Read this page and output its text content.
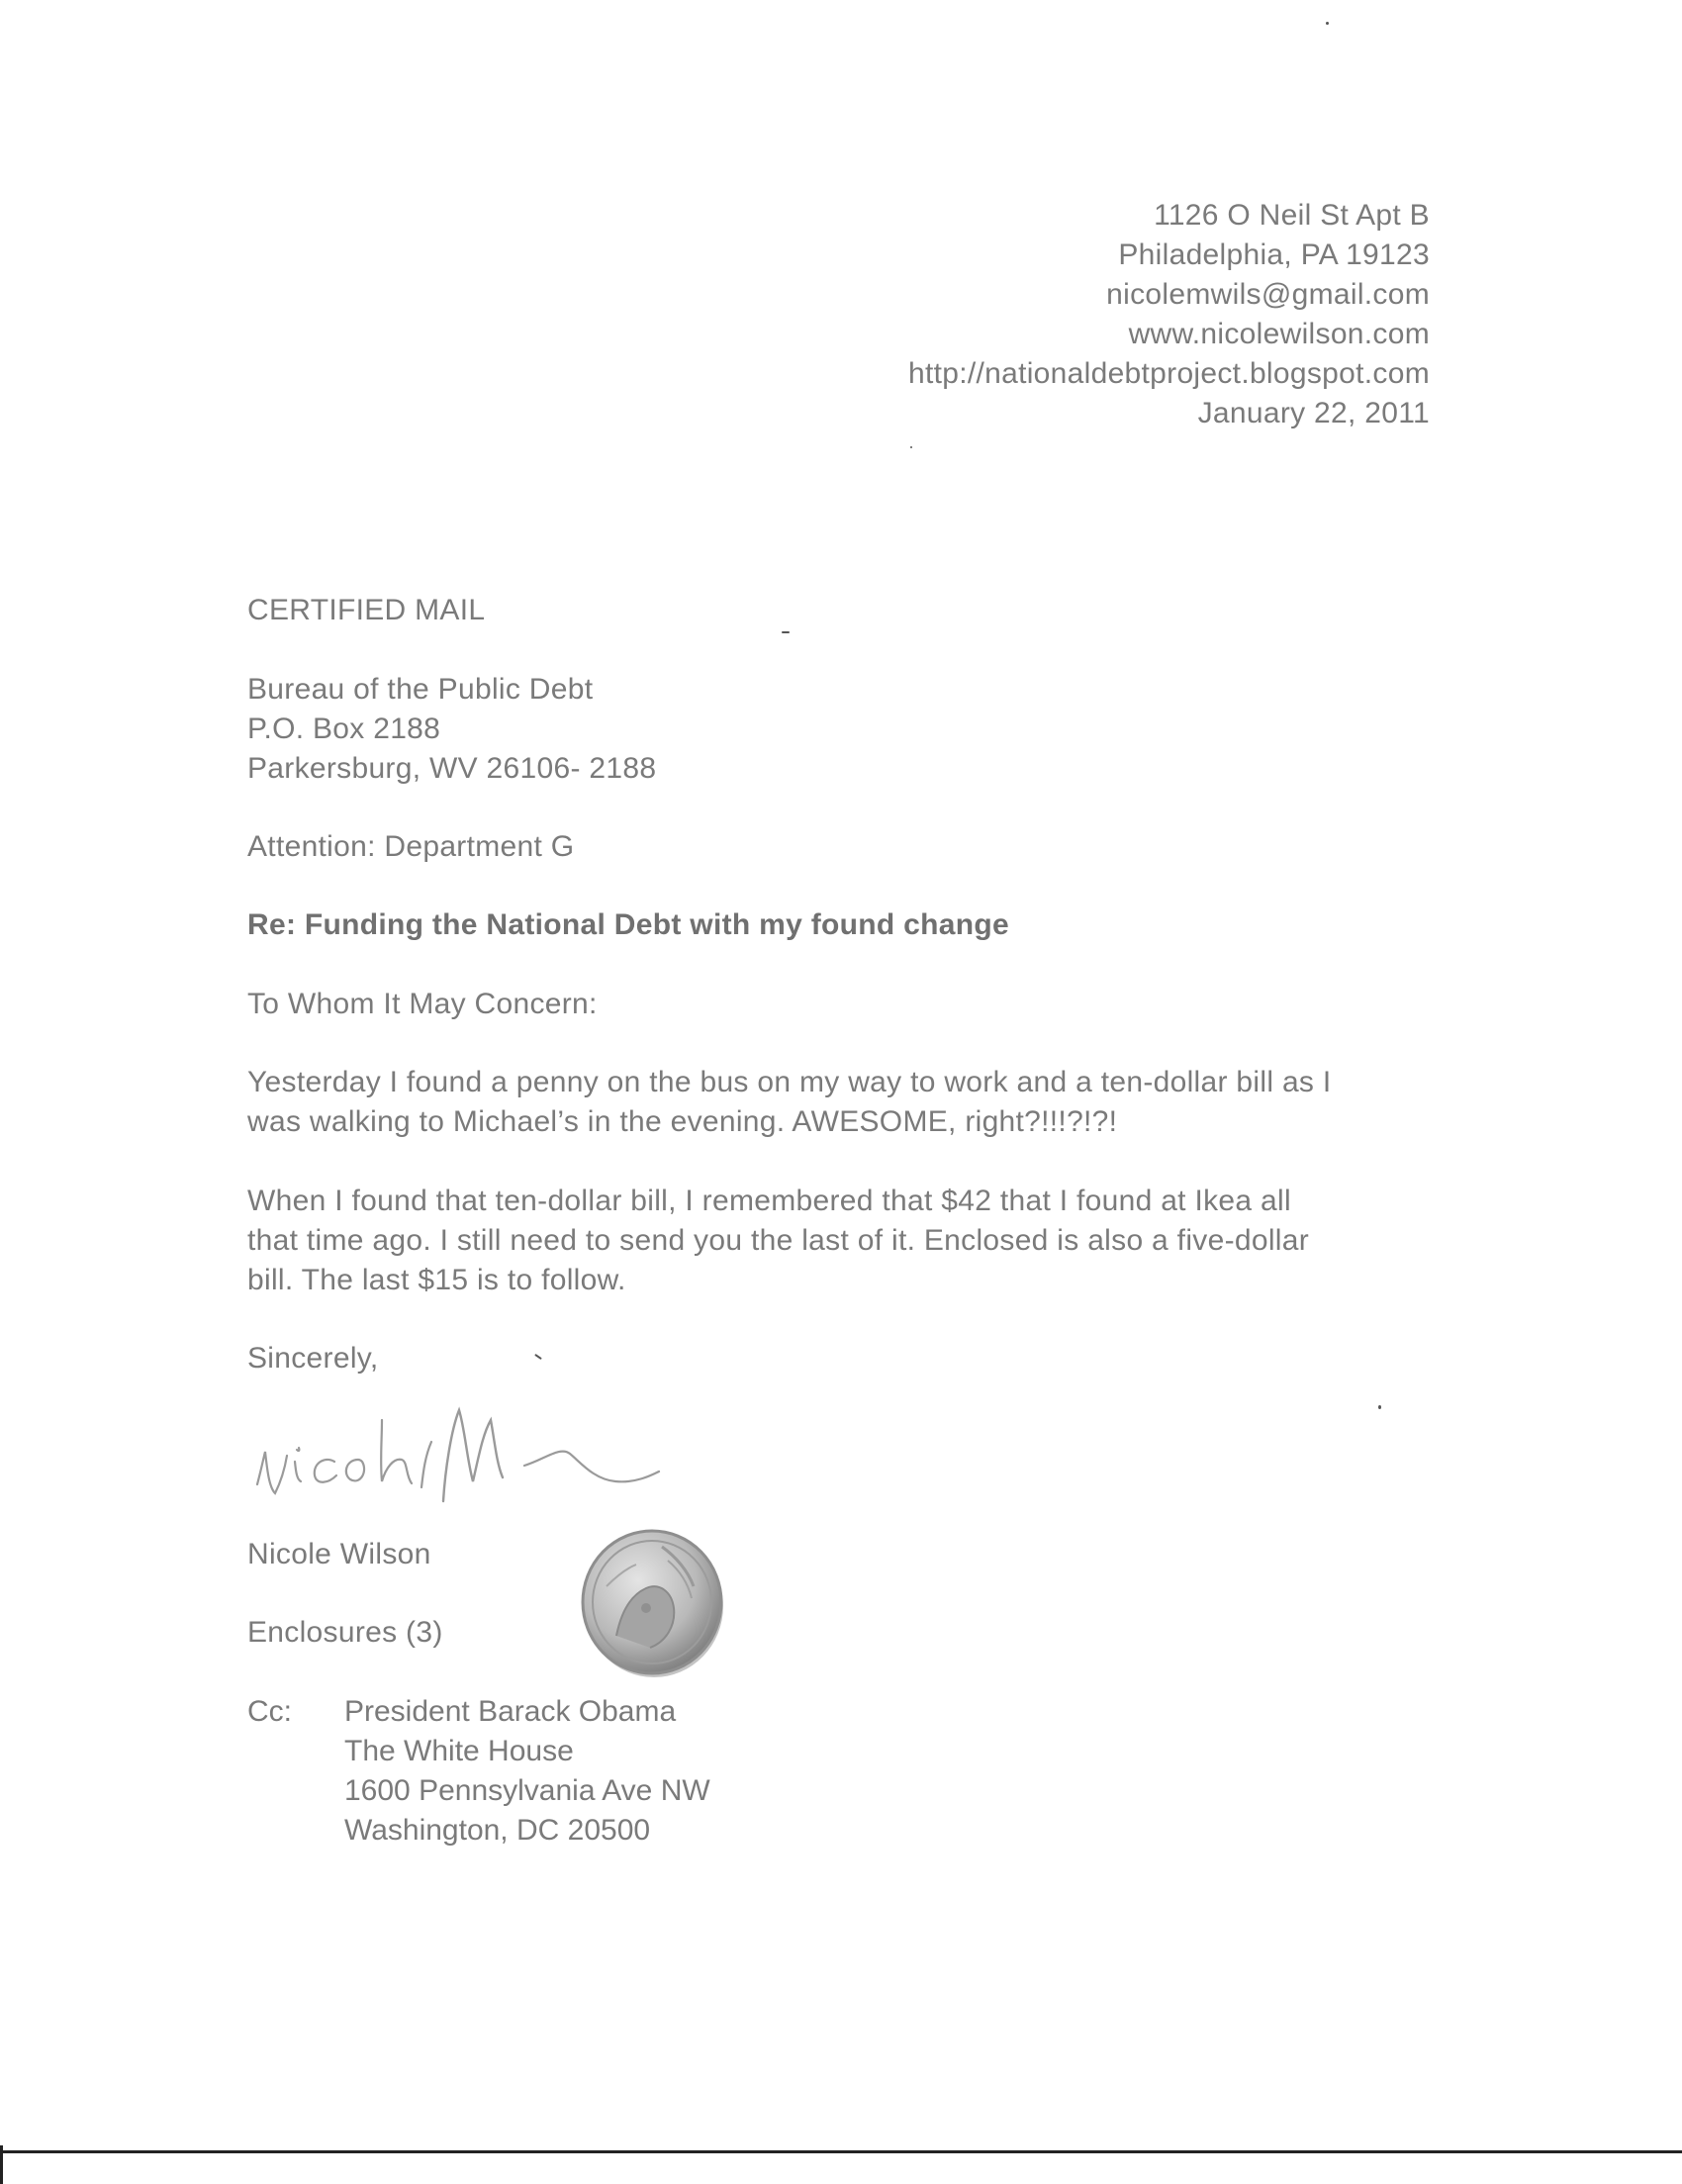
1126 O Neil St Apt B
Philadelphia, PA 19123
nicolemwils@gmail.com
www.nicolewilson.com
http://nationaldebtproject.blogspot.com
January 22, 2011
CERTIFIED MAIL
Bureau of the Public Debt
P.O. Box 2188
Parkersburg, WV 26106- 2188
Attention: Department G
Re: Funding the National Debt with my found change
To Whom It May Concern:
Yesterday I found a penny on the bus on my way to work and a ten-dollar bill as I
was walking to Michael’s in the evening. AWESOME, right?!!!?!?!
When I found that ten-dollar bill, I remembered that $42 that I found at Ikea all
that time ago. I still need to send you the last of it. Enclosed is also a five-dollar
bill. The last $15 is to follow.
Sincerely,
Nicole Wilson
Enclosures (3)
Cc: President Barack Obama
The White House
1600 Pennsylvania Ave NW
Washington, DC 20500
